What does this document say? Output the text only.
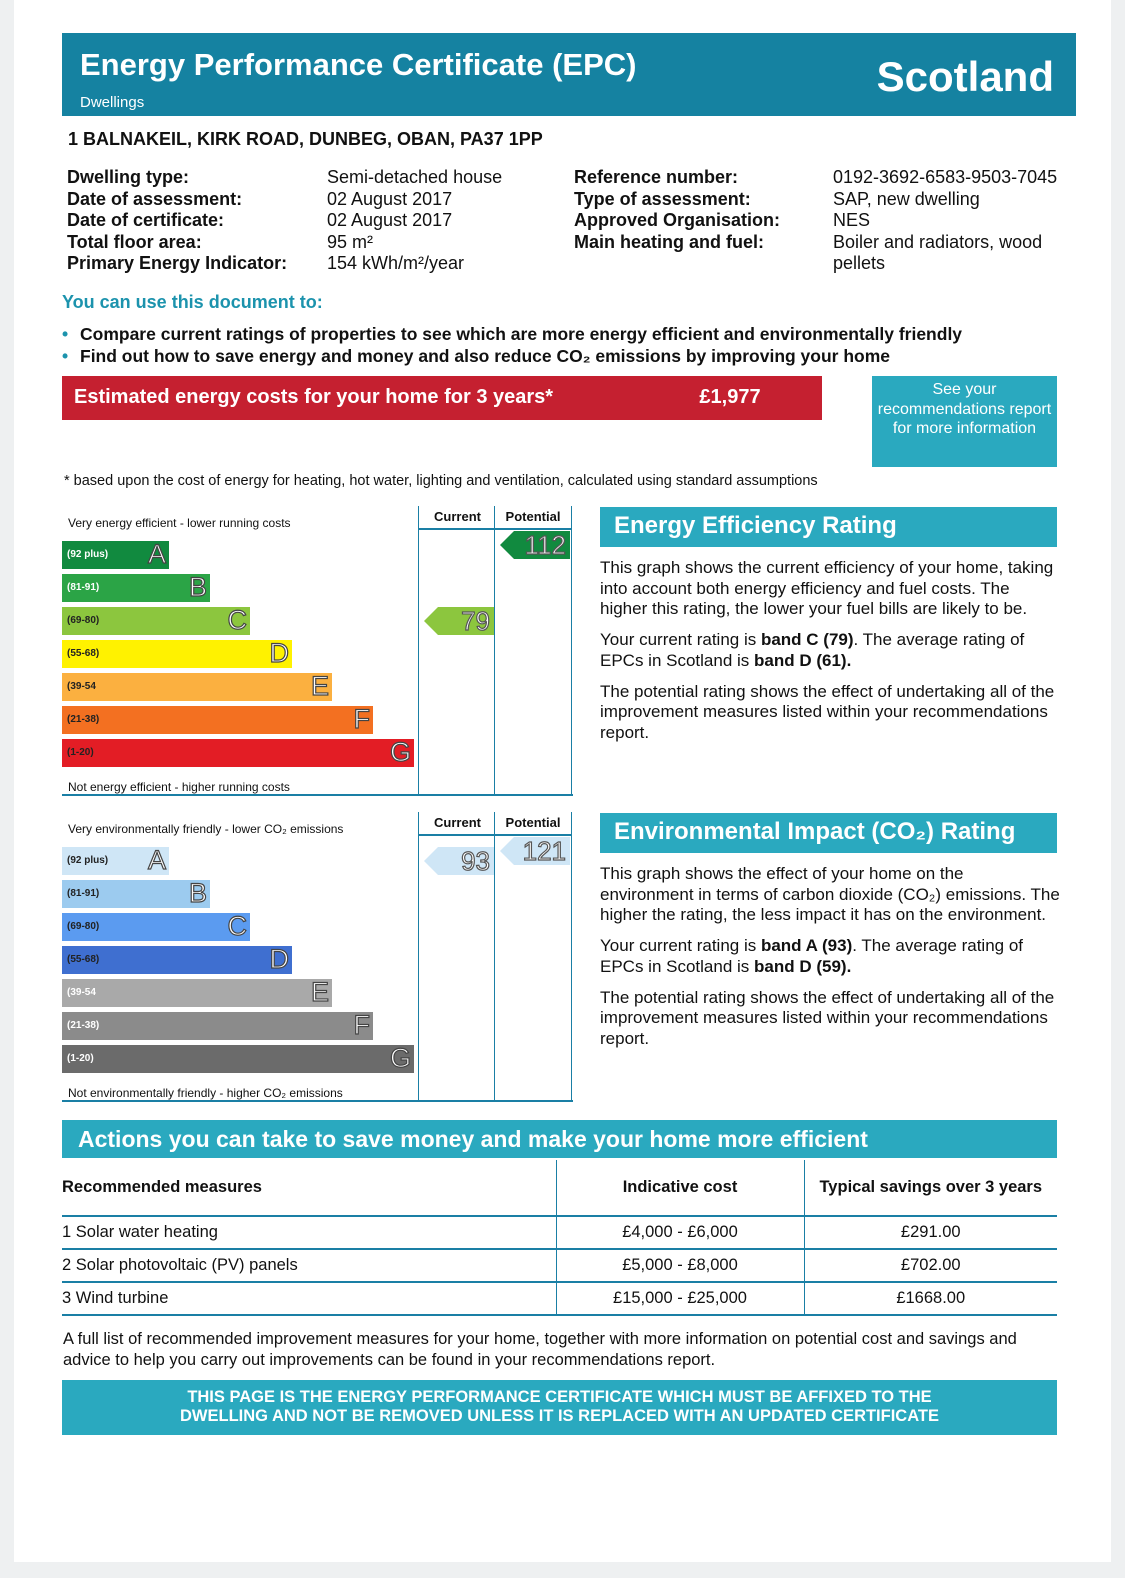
Energy Performance Certificate (EPC)
Dwellings
Scotland
1 BALNAKEIL, KIRK ROAD, DUNBEG, OBAN, PA37 1PP
Dwelling type:	Semi-detached house
Date of assessment:	02 August 2017
Date of certificate:	02 August 2017
Total floor area:	95 m²
Primary Energy Indicator:	154 kWh/m²/year
Reference number:	0192-3692-6583-9503-7045
Type of assessment:	SAP, new dwelling
Approved Organisation:	NES
Main heating and fuel:	Boiler and radiators, wood
pellets
You can use this document to:
• Compare current ratings of properties to see which are more energy efficient and environmentally friendly
• Find out how to save energy and money and also reduce CO₂ emissions by improving your home
Estimated energy costs for your home for 3 years*	£1,977	See your recommendations report for more information
* based upon the cost of energy for heating, hot water, lighting and ventilation, calculated using standard assumptions
Very energy efficient - lower running costs
Not energy efficient - higher running costs
Current	Potential
(92 plus) A
(81-91)	B
(69-80)	C
(55-68)	D
(39-54	E
(21-38)	F
(1-20)	G
79
112
Very environmentally friendly - lower CO₂ emissions
Not environmentally friendly - higher CO₂ emissions
Current	Potential
(92 plus) A
(81-91)	B
(69-80)	C
(55-68)	D
(39-54	E
(21-38)	F
(1-20)	G
93 121
Energy Efficiency Rating

This graph shows the current efficiency of your home, taking into account both energy efficiency and fuel costs. The higher this rating, the lower your fuel bills are likely to be.

Your current rating is band C (79). The average rating of EPCs in Scotland is band D (61).

The potential rating shows the effect of undertaking all of the improvement measures listed within your recommendations report.

Environmental Impact (CO₂) Rating

This graph shows the effect of your home on the environment in terms of carbon dioxide (CO₂) emissions. The higher the rating, the less impact it has on the environment.

Your current rating is band A (93). The average rating of EPCs in Scotland is band D (59).

The potential rating shows the effect of undertaking all of the improvement measures listed within your recommendations report.

Actions you can take to save money and make your home more efficient
Recommended measures	Indicative cost	Typical savings over 3 years
1 Solar water heating	£4,000 - £6,000	£291.00
2 Solar photovoltaic (PV) panels	£5,000 - £8,000	£702.00
3 Wind turbine	£15,000 - £25,000	£1668.00
A full list of recommended improvement measures for your home, together with more information on potential cost and savings and advice to help you carry out improvements can be found in your recommendations report.
THIS PAGE IS THE ENERGY PERFORMANCE CERTIFICATE WHICH MUST BE AFFIXED TO THE
DWELLING AND NOT BE REMOVED UNLESS IT IS REPLACED WITH AN UPDATED CERTIFICATE
